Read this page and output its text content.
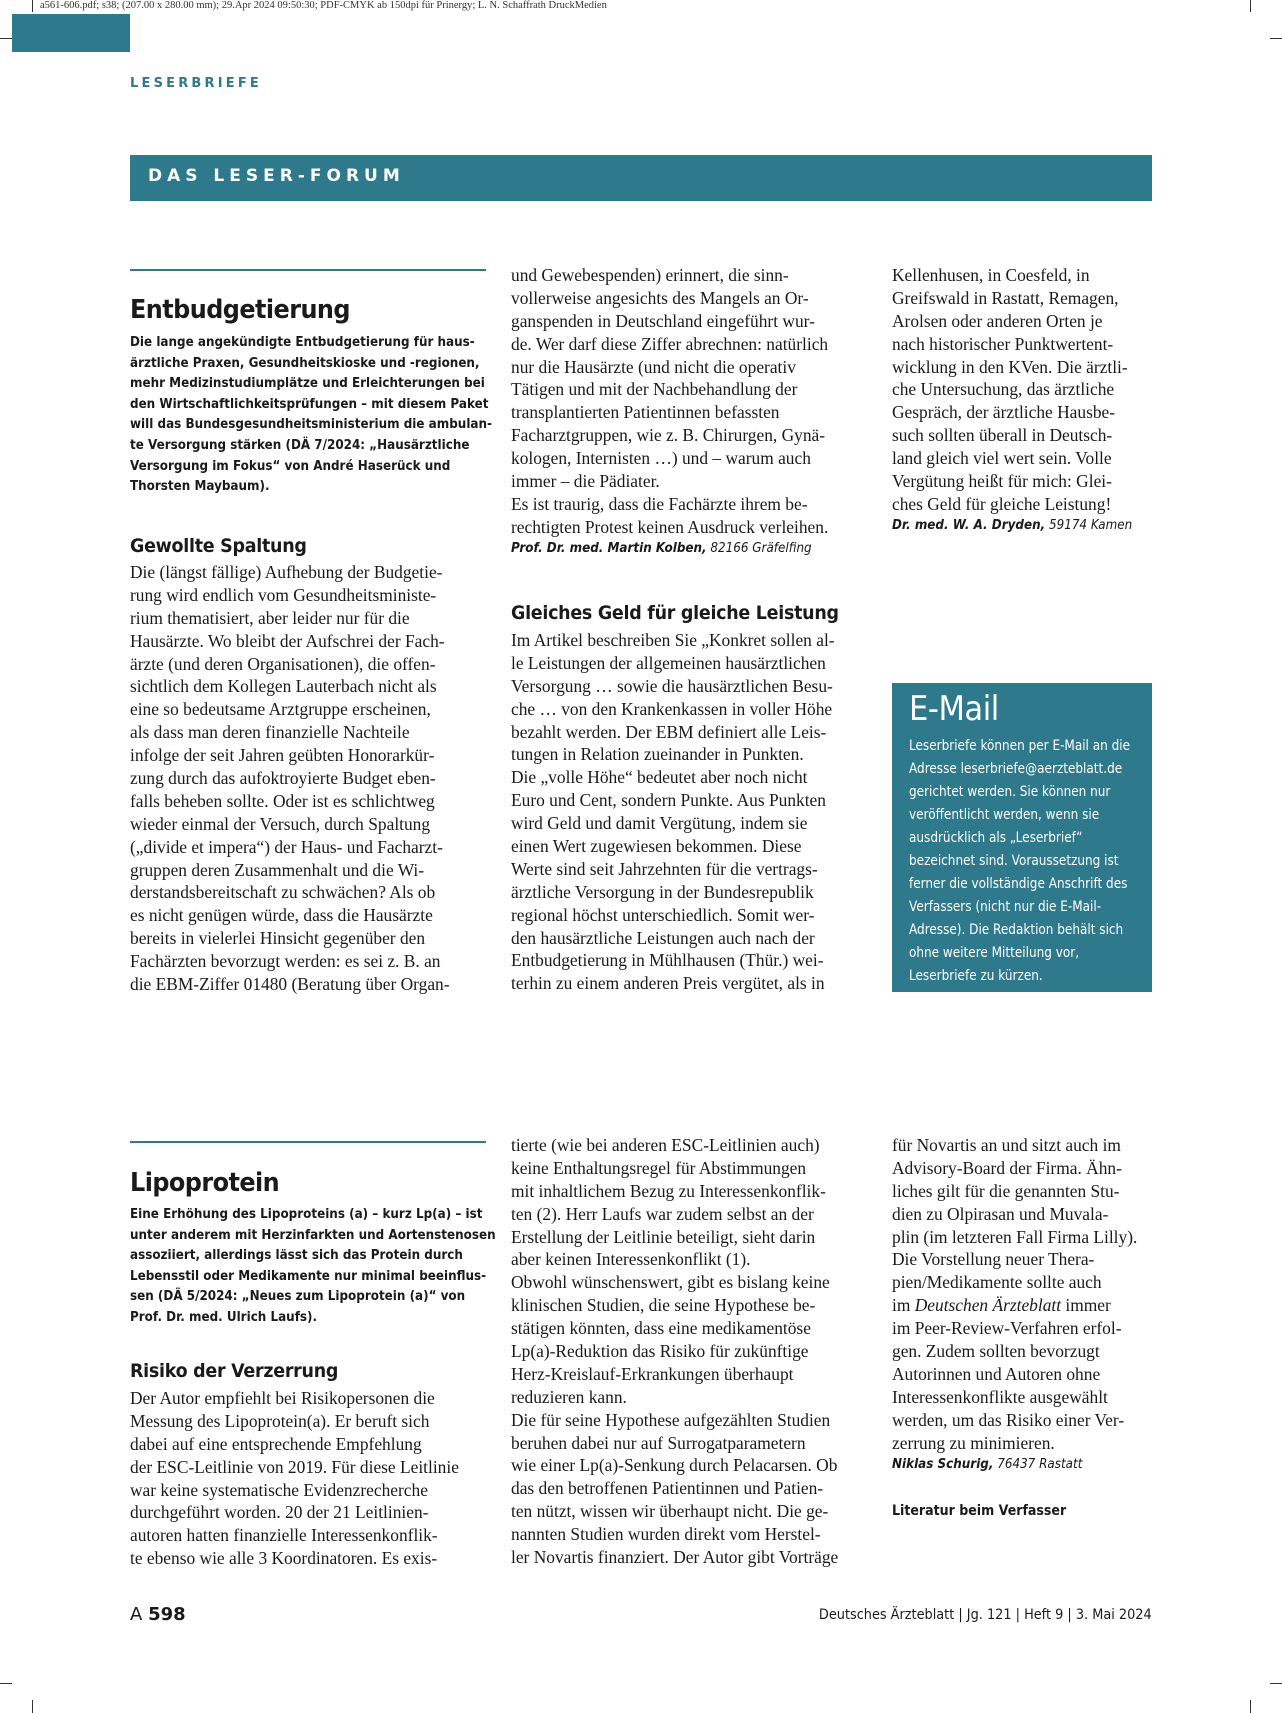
a561-606.pdf; s38; (207.00 x 280.00 mm); 29.Apr 2024 09:50:30; PDF-CMYK ab 150dpi für Prinergy; L. N. Schaffrath DruckMedien
LESERBRIEFE
DAS LESER-FORUM
Entbudgetierung
Die lange angekündigte Entbudgetierung für haus-
ärztliche Praxen, Gesundheitskioske und -regionen,
mehr Medizinstudiumplätze und Erleichterungen bei
den Wirtschaftlichkeitsprüfungen – mit diesem Paket
will das Bundesgesundheitsministerium die ambulan-
te Versorgung stärken (DÄ 7/2024: „Hausärztliche
Versorgung im Fokus“ von André Haserück und
Thorsten Maybaum).
Gewollte Spaltung
Die (längst fällige) Aufhebung der Budgetie-
rung wird endlich vom Gesundheitsministe-
rium thematisiert, aber leider nur für die
Hausärzte. Wo bleibt der Aufschrei der Fach-
ärzte (und deren Organisationen), die offen-
sichtlich dem Kollegen Lauterbach nicht als
eine so bedeutsame Arztgruppe erscheinen,
als dass man deren finanzielle Nachteile
infolge der seit Jahren geübten Honorarkür-
zung durch das aufoktroyierte Budget eben-
falls beheben sollte. Oder ist es schlichtweg
wieder einmal der Versuch, durch Spaltung
(„divide et impera“) der Haus- und Facharzt-
gruppen deren Zusammenhalt und die Wi-
derstandsbereitschaft zu schwächen? Als ob
es nicht genügen würde, dass die Hausärzte
bereits in vielerlei Hinsicht gegenüber den
Fachärzten bevorzugt werden: es sei z. B. an
die EBM-Ziffer 01480 (Beratung über Organ-
und Gewebespenden) erinnert, die sinn-
vollerweise angesichts des Mangels an Or-
ganspenden in Deutschland eingeführt wur-
de. Wer darf diese Ziffer abrechnen: natürlich
nur die Hausärzte (und nicht die operativ
Tätigen und mit der Nachbehandlung der
transplantierten Patientinnen befassten
Facharztgruppen, wie z. B. Chirurgen, Gynä-
kologen, Internisten …) und – warum auch
immer – die Pädiater.
Es ist traurig, dass die Fachärzte ihrem be-
rechtigten Protest keinen Ausdruck verleihen.
Prof. Dr. med. Martin Kolben, 82166 Gräfelfing
Gleiches Geld für gleiche Leistung
Im Artikel beschreiben Sie „Konkret sollen al-
le Leistungen der allgemeinen hausärztlichen
Versorgung … sowie die hausärztlichen Besu-
che … von den Krankenkassen in voller Höhe
bezahlt werden. Der EBM definiert alle Leis-
tungen in Relation zueinander in Punkten.
Die „volle Höhe“ bedeutet aber noch nicht
Euro und Cent, sondern Punkte. Aus Punkten
wird Geld und damit Vergütung, indem sie
einen Wert zugewiesen bekommen. Diese
Werte sind seit Jahrzehnten für die vertrags-
ärztliche Versorgung in der Bundesrepublik
regional höchst unterschiedlich. Somit wer-
den hausärztliche Leistungen auch nach der
Entbudgetierung in Mühlhausen (Thür.) wei-
terhin zu einem anderen Preis vergütet, als in
Kellenhusen, in Coesfeld, in
Greifswald in Rastatt, Remagen,
Arolsen oder anderen Orten je
nach historischer Punktwertent-
wicklung in den KVen. Die ärztli-
che Untersuchung, das ärztliche
Gespräch, der ärztliche Hausbe-
such sollten überall in Deutsch-
land gleich viel wert sein. Volle
Vergütung heißt für mich: Glei-
ches Geld für gleiche Leistung!
Dr. med. W. A. Dryden, 59174 Kamen
E-Mail
Leserbriefe können per E-Mail an die
Adresse leserbriefe@aerzteblatt.de
gerichtet werden. Sie können nur
veröffentlicht werden, wenn sie
ausdrücklich als „Leserbrief“
bezeichnet sind. Voraussetzung ist
ferner die vollständige Anschrift des
Verfassers (nicht nur die E-Mail-
Adresse). Die Redaktion behält sich
ohne weitere Mitteilung vor,
Leserbriefe zu kürzen.
Lipoprotein
Eine Erhöhung des Lipoproteins (a) – kurz Lp(a) – ist
unter anderem mit Herzinfarkten und Aortenstenosen
assoziiert, allerdings lässt sich das Protein durch
Lebensstil oder Medikamente nur minimal beeinflus-
sen (DÄ 5/2024: „Neues zum Lipoprotein (a)“ von
Prof. Dr. med. Ulrich Laufs).
Risiko der Verzerrung
Der Autor empfiehlt bei Risikopersonen die
Messung des Lipoprotein(a). Er beruft sich
dabei auf eine entsprechende Empfehlung
der ESC-Leitlinie von 2019. Für diese Leitlinie
war keine systematische Evidenzrecherche
durchgeführt worden. 20 der 21 Leitlinien-
autoren hatten finanzielle Interessenkonflik-
te ebenso wie alle 3 Koordinatoren. Es exis-
tierte (wie bei anderen ESC-Leitlinien auch)
keine Enthaltungsregel für Abstimmungen
mit inhaltlichem Bezug zu Interessenkonflik-
ten (2). Herr Laufs war zudem selbst an der
Erstellung der Leitlinie beteiligt, sieht darin
aber keinen Interessenkonflikt (1).
Obwohl wünschenswert, gibt es bislang keine
klinischen Studien, die seine Hypothese be-
stätigen könnten, dass eine medikamentöse
Lp(a)-Reduktion das Risiko für zukünftige
Herz-Kreislauf-Erkrankungen überhaupt
reduzieren kann.
Die für seine Hypothese aufgezählten Studien
beruhen dabei nur auf Surrogatparametern
wie einer Lp(a)-Senkung durch Pelacarsen. Ob
das den betroffenen Patientinnen und Patien-
ten nützt, wissen wir überhaupt nicht. Die ge-
nannten Studien wurden direkt vom Herstel-
ler Novartis finanziert. Der Autor gibt Vorträge
für Novartis an und sitzt auch im
Advisory-Board der Firma. Ähn-
liches gilt für die genannten Stu-
dien zu Olpirasan und Muvala-
plin (im letzteren Fall Firma Lilly).
Die Vorstellung neuer Thera-
pien/Medikamente sollte auch
im Deutschen Ärzteblatt immer
im Peer-Review-Verfahren erfol-
gen. Zudem sollten bevorzugt
Autorinnen und Autoren ohne
Interessenkonflikte ausgewählt
werden, um das Risiko einer Ver-
zerrung zu minimieren.
Niklas Schurig, 76437 Rastatt
Literatur beim Verfasser
A 598	Deutsches Ärzteblatt | Jg. 121 | Heft 9 | 3. Mai 2024
